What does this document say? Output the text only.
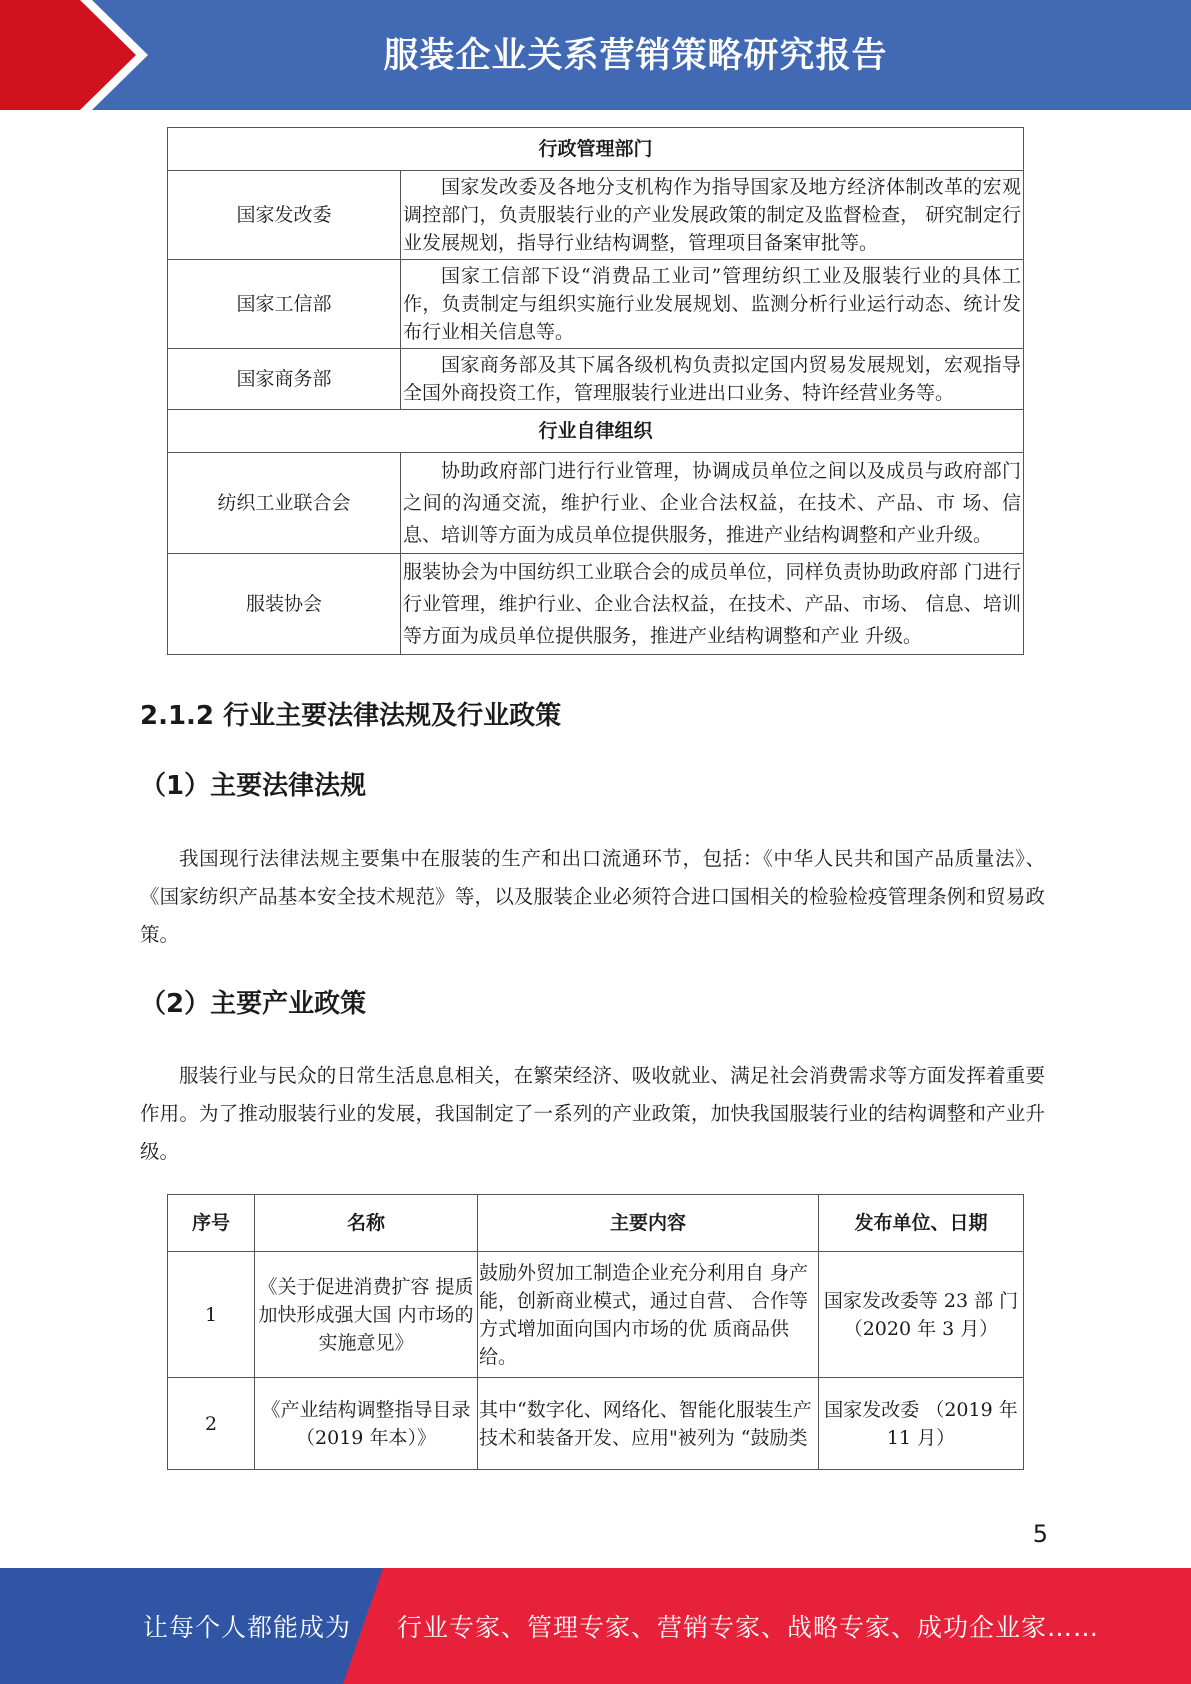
服装企业关系营销策略研究报告
行政管理部门	
国家发改委	国家发改委及各地分支机构作为指导国家及地方经济体制改革的宏观调控部门，负责服装行业的产业发展政策的制定及监督检查， 研究制定行业发展规划，指导行业结构调整，管理项目备案审批等。
国家工信部	国家工信部下设“消费品工业司”管理纺织工业及服装行业的具体工作，负责制定与组织实施行业发展规划、监测分析行业运行动态、统计发布行业相关信息等。
国家商务部	国家商务部及其下属各级机构负责拟定国内贸易发展规划，宏观指导全国外商投资工作，管理服装行业进出口业务、特许经营业务等。
行业自律组织	
纺织工业联合会	协助政府部门进行行业管理，协调成员单位之间以及成员与政府部门之间的沟通交流，维护行业、企业合法权益，在技术、产品、市 场、信息、培训等方面为成员单位提供服务，推进产业结构调整和产业升级。
服装协会	服装协会为中国纺织工业联合会的成员单位，同样负责协助政府部 门进行行业管理，维护行业、企业合法权益，在技术、产品、市场、 信息、培训等方面为成员单位提供服务，推进产业结构调整和产业 升级。
2.1.2 行业主要法律法规及行业政策
（1）主要法律法规

我国现行法律法规主要集中在服装的生产和出口流通环节，包括：《中华人民共和国产品质量法》、《国家纺织产品基本安全技术规范》等，以及服装企业必须符合进口国相关的检验检疫管理条例和贸易政策。

（2）主要产业政策

服装行业与民众的日常生活息息相关，在繁荣经济、吸收就业、满足社会消费需求等方面发挥着重要作用。为了推动服装行业的发展，我国制定了一系列的产业政策，加快我国服装行业的结构调整和产业升级。

序号	名称	主要内容	发布单位、日期
1	《关于促进消费扩容 提质加快形成强大国 内市场的实施意见》	鼓励外贸加工制造企业充分利用自 身产能，创新商业模式，通过自营、 合作等方式增加面向国内市场的优 质商品供给。	国家发改委等 23 部 门（2020 年 3 月）
2	《产业结构调整指导目录（2019 年本）》	其中“数字化、网络化、智能化服装生产技术和装备开发、应用"被列为 “鼓励类	国家发改委 （2019 年 11 月）
5
让每个人都能成为 行业专家、管理专家、营销专家、战略专家、成功企业家……
